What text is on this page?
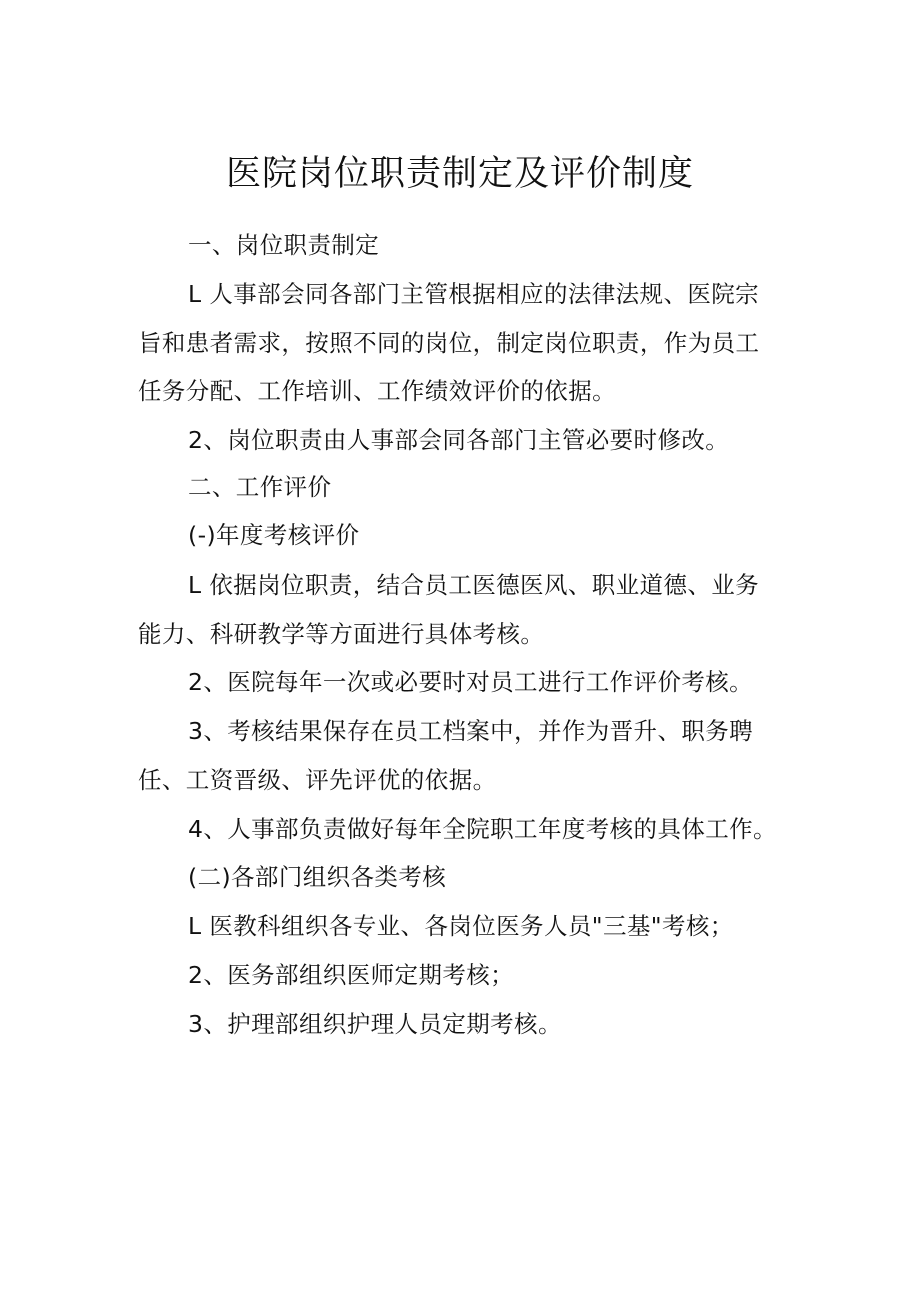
医院岗位职责制定及评价制度
一、岗位职责制定
L 人事部会同各部门主管根据相应的法律法规、医院宗
旨和患者需求，按照不同的岗位，制定岗位职责，作为员工
任务分配、工作培训、工作绩效评价的依据。
2、岗位职责由人事部会同各部门主管必要时修改。
二、工作评价
(-)年度考核评价
L 依据岗位职责，结合员工医德医风、职业道德、业务
能力、科研教学等方面进行具体考核。
2、医院每年一次或必要时对员工进行工作评价考核。
3、考核结果保存在员工档案中，并作为晋升、职务聘
任、工资晋级、评先评优的依据。
4、人事部负责做好每年全院职工年度考核的具体工作。
(二)各部门组织各类考核
L 医教科组织各专业、各岗位医务人员"三基"考核；
2、医务部组织医师定期考核；
3、护理部组织护理人员定期考核。
